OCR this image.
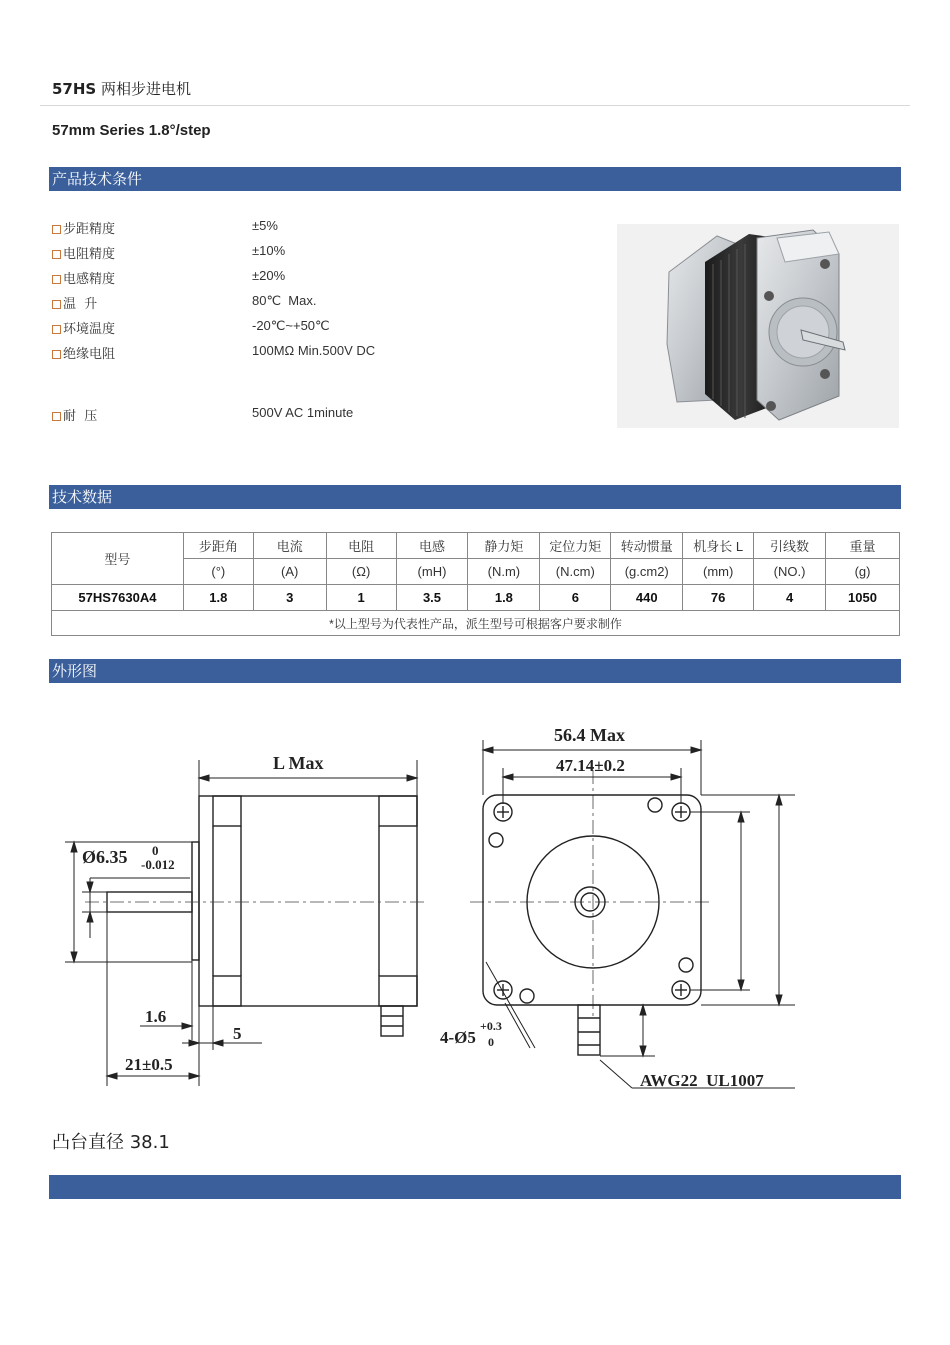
57HS 两相步进电机
57mm Series 1.8°/step
产品技术条件
步距精度	±5%
电阻精度	±10%
电感精度	±20%
温  升	80℃  Max.
环境温度	-20℃~+50℃
绝缘电阻	100MΩ Min.500V DC
耐  压	500V AC 1minute
技术数据
型号	步距角	电流	电阻	电感	静力矩	定位力矩	转动惯量	机身长 L	引线数	重量
	(°)	(A)	(Ω)	(mH)	(N.m)	(N.cm)	(g.cm2)	(mm)	(NO.)	(g)
57HS7630A4	1.8	3	1	3.5	1.8	6	440	76	4	1050
*以上型号为代表性产品，派生型号可根据客户要求制作										
外形图
L Max
56.4 Max
47.14±0.2
Ø6.35 0
-0.012
1.6
5
21±0.5
4-Ø5
+0.3
0
AWG22  UL1007
凸台直径 38.1
